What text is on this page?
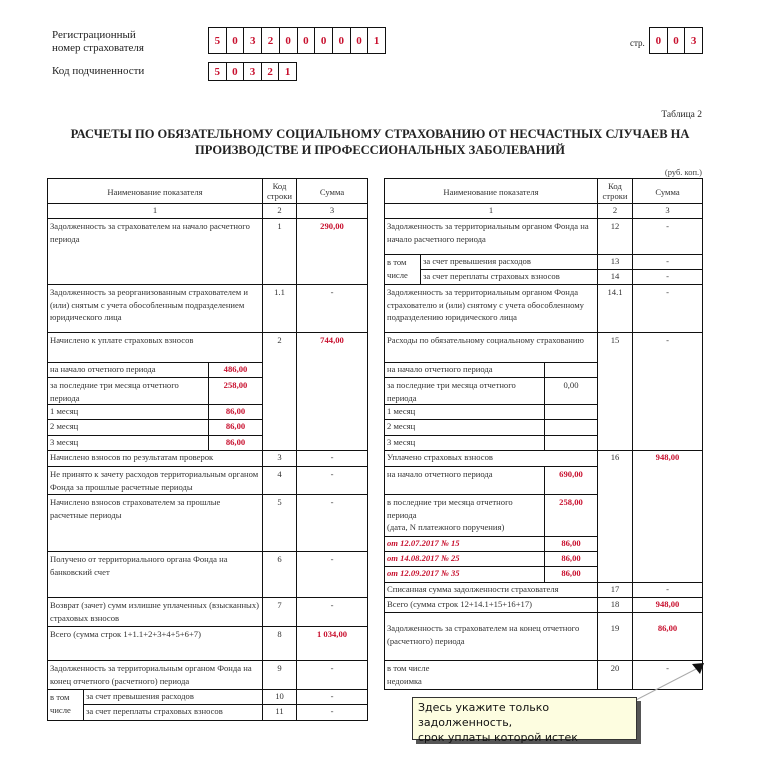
Регистрационный
номер страхователя
5	0	3	2	0	0	0	0	0	1
Код подчиненности	5	0	3	2	1
стр. 0	0	3
Таблица 2
РАСЧЕТЫ ПО ОБЯЗАТЕЛЬНОМУ СОЦИАЛЬНОМУ СТРАХОВАНИЮ ОТ НЕСЧАСТНЫХ СЛУЧАЕВ НА
ПРОИЗВОДСТВЕ И ПРОФЕССИОНАЛЬНЫХ ЗАБОЛЕВАНИЙ
(руб. коп.)
Наименование показателя
Код
строки	Сумма
1	2	3
Задолженность за страхователем на начало расчетного периода
1	290,00
Задолженность за реорганизованным страхователем и (или) снятым с учета обособленным подразделением юридического лица
1.1	-
Начислено к уплате страховых взносов	2	744,00
на начало отчетного периода	486,00
за последние три месяца отчетного периода
258,00
1 месяц	86,00
2 месяц	86,00
3 месяц	86,00
Начислено взносов по результатам проверок	3	-
Не принято к зачету расходов территориальным органом Фонда за прошлые расчетные периоды
4	-
Начислено взносов страхователем за прошлые расчетные периоды
5	-
Получено от территориального органа Фонда на банковский счет
6	-
Возврат (зачет) сумм излишне уплаченных (взысканных) страховых взносов
7	-
Всего (сумма строк 1+1.1+2+3+4+5+6+7)	8	1 034,00
Задолженность за территориальным органом Фонда на конец отчетного (расчетного) периода
9	-
в том числе
за счет превышения расходов	10	-
за счет переплаты страховых взносов	11	-
Наименование показателя
Код
строки	Сумма
1	2	3
Задолженность за территориальным органом Фонда на начало расчетного периода
12	-
в том числе
за счет превышения расходов	13	-
за счет переплаты страховых взносов	14	-
Задолженность за территориальным органом Фонда страхователю и (или) снятому с учета обособленному подразделению юридического лица
14.1	-
Расходы по обязательному социальному страхованию	15	-
на начало отчетного периода
за последние три месяца отчетного периода
0,00
1 месяц
2 месяц
3 месяц
Уплачено страховых взносов	16	948,00
на начало отчетного периода	690,00
в последние три месяца отчетного периода
(дата, N платежного поручения)
258,00
от 12.07.2017 № 15	86,00
от 14.08.2017 № 25	86,00
от 12.09.2017 № 35	86,00
Списанная сумма задолженности страхователя	17	-
Всего (сумма строк 12+14.1+15+16+17)	18	948,00
Задолженность за страхователем на конец отчетного (расчетного) периода
19	86,00
в том числе
недоимка
20	-
Здесь укажите только задолженность,
срок уплаты которой истек
